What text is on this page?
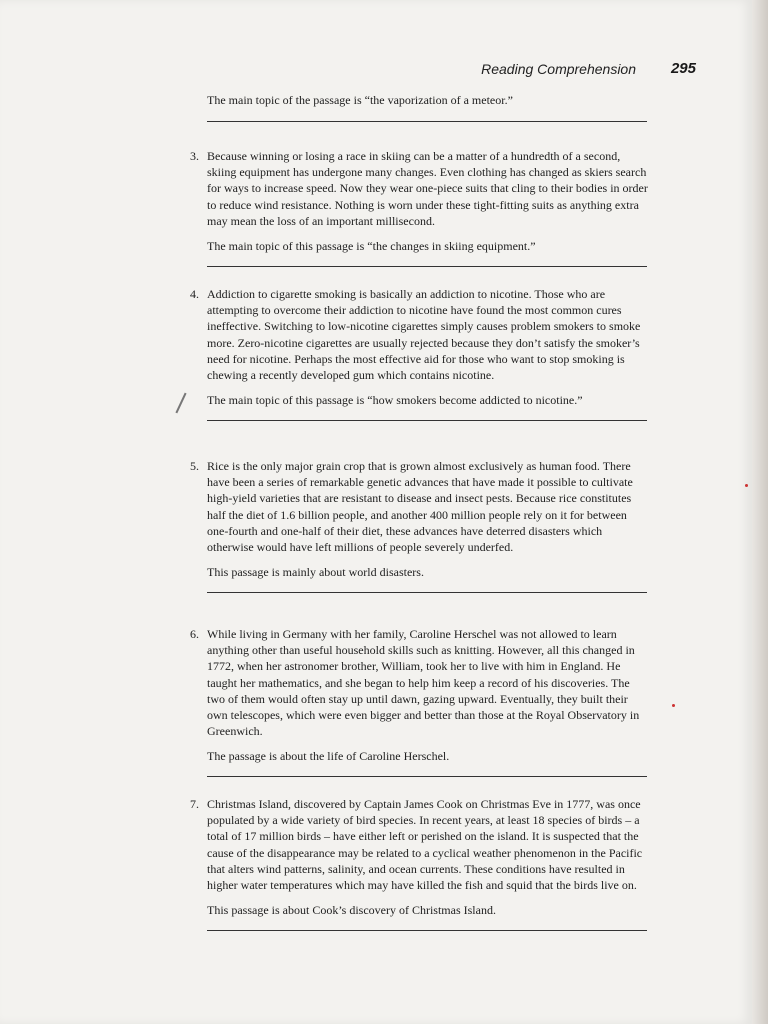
Reading Comprehension 295

The main topic of the passage is “the vaporization of a meteor.”

3. Because winning or losing a race in skiing can be a matter of a hundredth of a second, skiing equipment has undergone many changes. Even clothing has changed as skiers search for ways to increase speed. Now they wear one-piece suits that cling to their bodies in order to reduce wind resistance. Nothing is worn under these tight-fitting suits as anything extra may mean the loss of an important millisecond.

The main topic of this passage is “the changes in skiing equipment.”

4. Addiction to cigarette smoking is basically an addiction to nicotine. Those who are attempting to overcome their addiction to nicotine have found the most common cures ineffective. Switching to low-nicotine cigarettes simply causes problem smokers to smoke more. Zero-nicotine cigarettes are usually rejected because they don’t satisfy the smoker’s need for nicotine. Perhaps the most effective aid for those who want to stop smoking is chewing a recently developed gum which contains nicotine.

The main topic of this passage is “how smokers become addicted to nicotine.”

5. Rice is the only major grain crop that is grown almost exclusively as human food. There have been a series of remarkable genetic advances that have made it possible to cultivate high-yield varieties that are resistant to disease and insect pests. Because rice constitutes half the diet of 1.6 billion people, and another 400 million people rely on it for between one-fourth and one-half of their diet, these advances have deterred disasters which otherwise would have left millions of people severely underfed.

This passage is mainly about world disasters.

6. While living in Germany with her family, Caroline Herschel was not allowed to learn anything other than useful household skills such as knitting. However, all this changed in 1772, when her astronomer brother, William, took her to live with him in England. He taught her mathematics, and she began to help him keep a record of his discoveries. The two of them would often stay up until dawn, gazing upward. Eventually, they built their own telescopes, which were even bigger and better than those at the Royal Observatory in Greenwich.

The passage is about the life of Caroline Herschel.

7. Christmas Island, discovered by Captain James Cook on Christmas Eve in 1777, was once populated by a wide variety of bird species. In recent years, at least 18 species of birds – a total of 17 million birds – have either left or perished on the island. It is suspected that the cause of the disappearance may be related to a cyclical weather phenomenon in the Pacific that alters wind patterns, salinity, and ocean currents. These conditions have resulted in higher water temperatures which may have killed the fish and squid that the birds live on.

This passage is about Cook’s discovery of Christmas Island.
